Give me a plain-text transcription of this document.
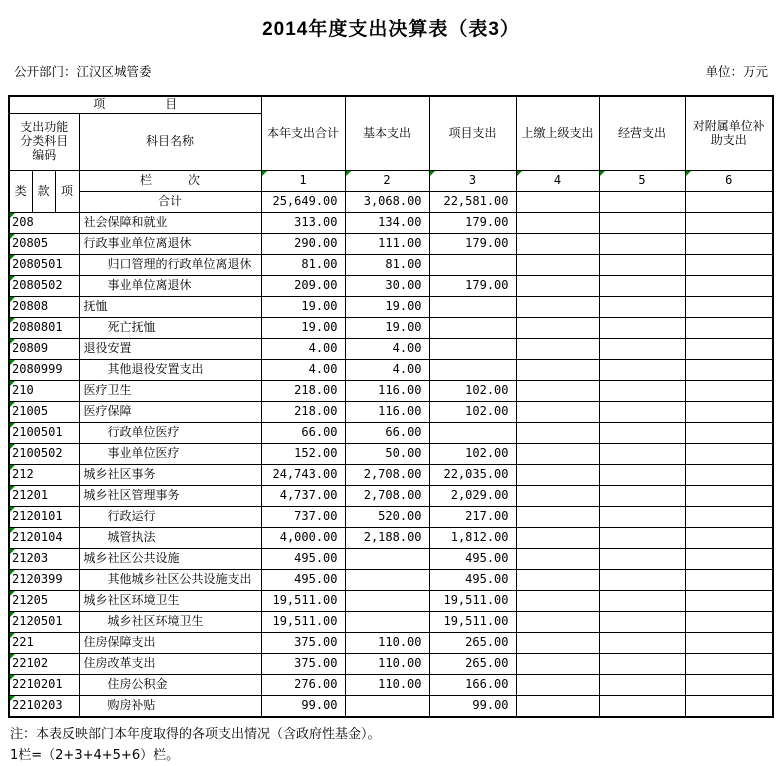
2014年度支出决算表（表3）
公开部门：江汉区城管委	单位：万元
项　　　　　目				本年支出合计	基本支出	项目支出	上缴上级支出	经营支出	对附属单位补助支出
支出功能分类科目编码			科目名称						
类	款	项	栏　　　次	1	2	3	4	5	6
			合计	25,649.00	3,068.00	22,581.00			

208			社会保障和就业	313.00	134.00	179.00			

20805			行政事业单位离退休	290.00	111.00	179.00			

2080501			归口管理的行政单位离退休	81.00	81.00				

2080502			事业单位离退休	209.00	30.00	179.00			

20808			抚恤	19.00	19.00				

2080801			死亡抚恤	19.00	19.00				

20809			退役安置	4.00	4.00				

2080999			其他退役安置支出	4.00	4.00				

210			医疗卫生	218.00	116.00	102.00			

21005			医疗保障	218.00	116.00	102.00			

2100501			行政单位医疗	66.00	66.00				

2100502			事业单位医疗	152.00	50.00	102.00			

212			城乡社区事务	24,743.00	2,708.00	22,035.00			

21201			城乡社区管理事务	4,737.00	2,708.00	2,029.00			

2120101			行政运行	737.00	520.00	217.00			

2120104			城管执法	4,000.00	2,188.00	1,812.00			

21203			城乡社区公共设施	495.00		495.00			

2120399			其他城乡社区公共设施支出	495.00		495.00			

21205			城乡社区环境卫生	19,511.00		19,511.00			

2120501			城乡社区环境卫生	19,511.00		19,511.00			

221			住房保障支出	375.00	110.00	265.00			

22102			住房改革支出	375.00	110.00	265.00			

2210201			住房公积金	276.00	110.00	166.00			

2210203			购房补贴	99.00		99.00			
注：本表反映部门本年度取得的各项支出情况（含政府性基金）。
1栏=（2+3+4+5+6）栏。
